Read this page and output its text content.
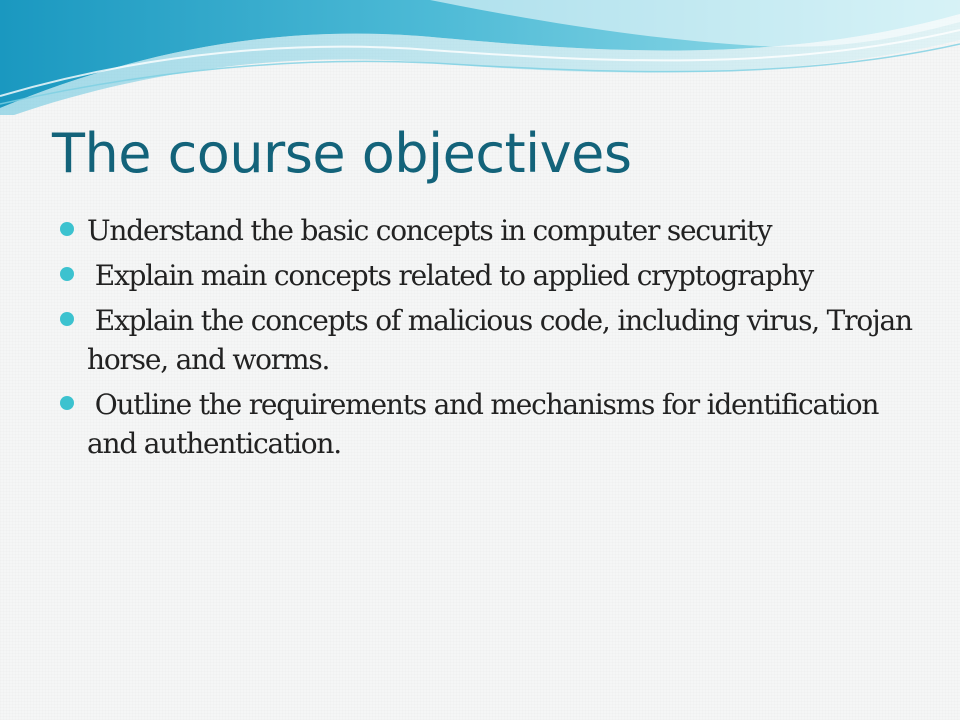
The course objectives
Understand the basic concepts in computer security
Explain main concepts related to applied cryptography
Explain the concepts of malicious code, including virus, Trojan horse, and worms.
Outline the requirements and mechanisms for identification and authentication.
